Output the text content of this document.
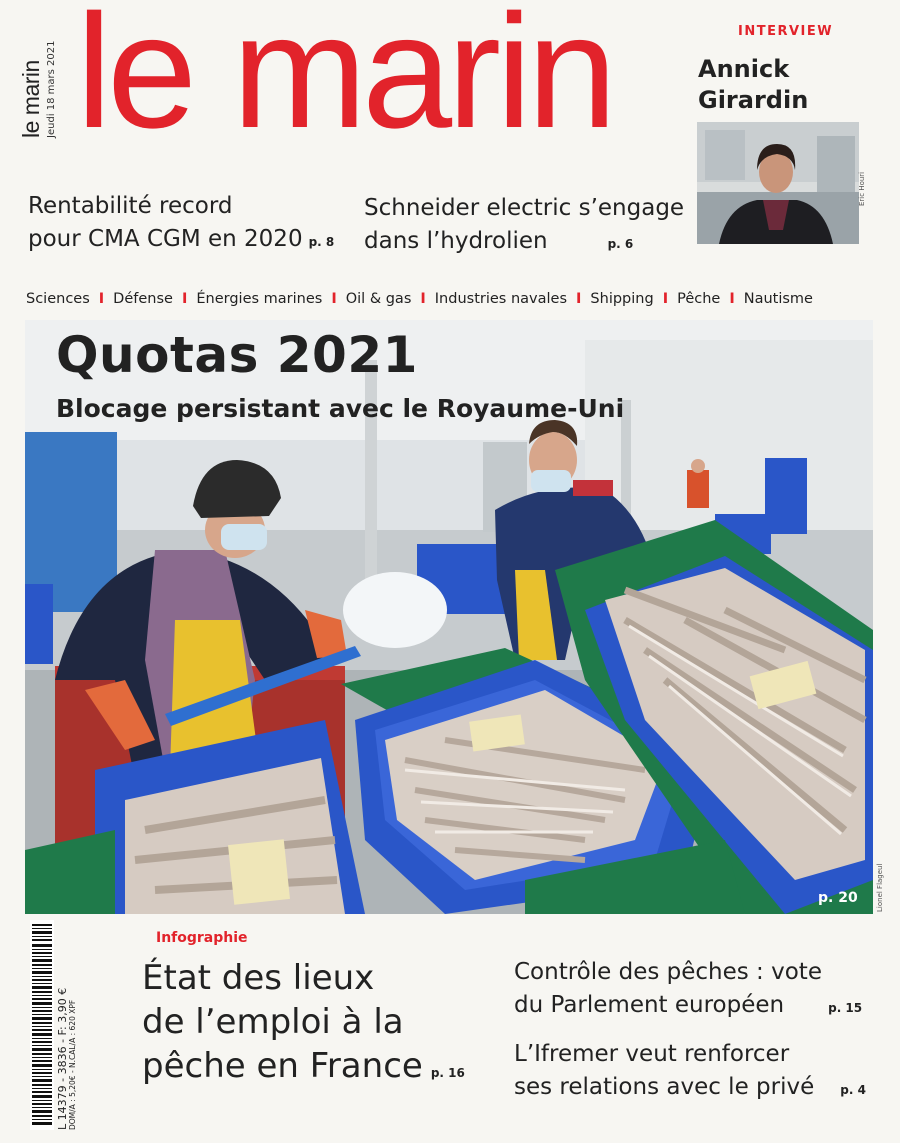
le marin Jeudi 18 mars 2021 le marin	INTERVIEW
Annick
Girardin
Eric Houri
Rentabilité record
pour CMA CGM en 2020 p. 8
Schneider electric s’engage
dans l’hydrolien	p. 6
Sciences I Défense I Énergies marines I Oil & gas I Industries navales I Shipping I Pêche I Nautisme
Quotas 2021
Blocage persistant avec le Royaume-Uni
p. 20	Lionel Flageul
L 14379 - 3836 - F: 3,90 € DOM/A : 5,20€ - N.CAL/A : 620 XPF
Infographie
État des lieux
de l’emploi à la
pêche en France p. 16
Contrôle des pêches : vote
du Parlement européen	p. 15
L’Ifremer veut renforcer
ses relations avec le privé p. 4
